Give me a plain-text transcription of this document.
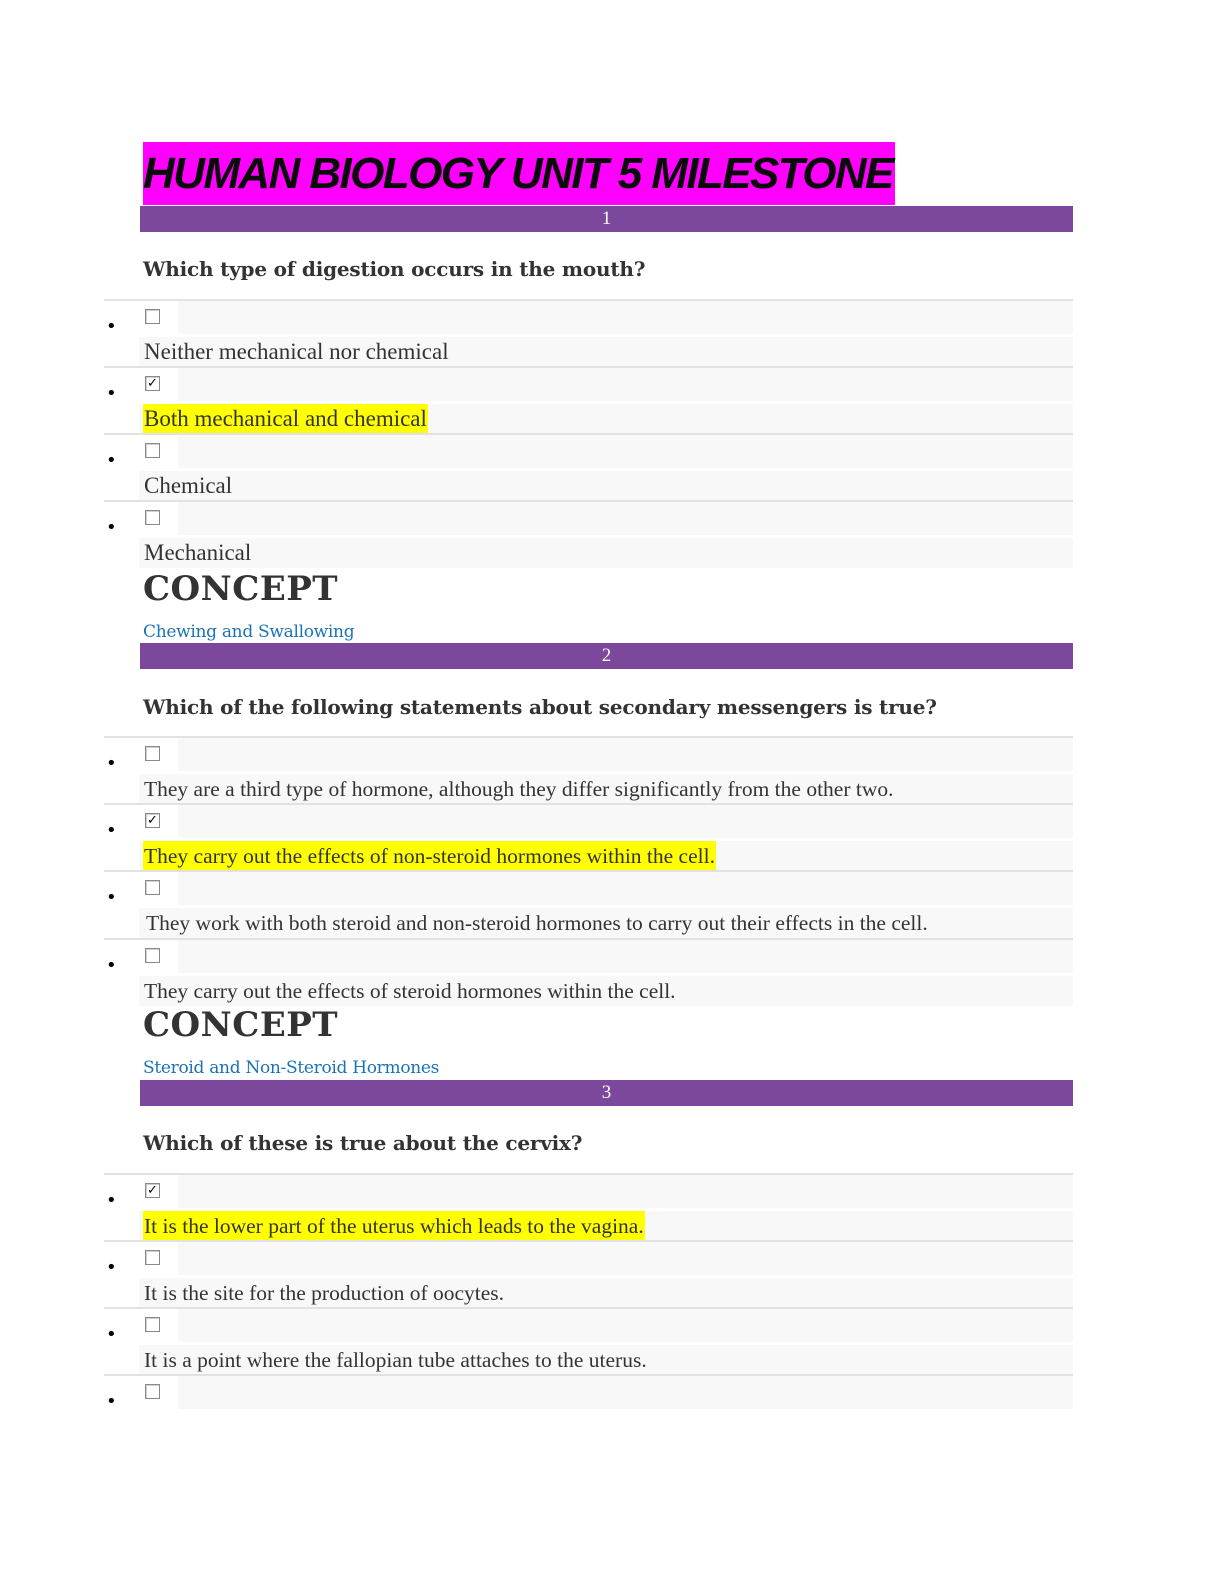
HUMAN BIOLOGY UNIT 5 MILESTONE
1
Which type of digestion occurs in the mouth?
•
Neither mechanical nor chemical
•	✓
Both mechanical and chemical
•
Chemical
•
Mechanical
CONCEPT
Chewing and Swallowing
2
Which of the following statements about secondary messengers is true?
•
They are a third type of hormone, although they differ significantly from the other two.
•	✓
They carry out the effects of non-steroid hormones within the cell.
•
They work with both steroid and non-steroid hormones to carry out their effects in the cell.
•
They carry out the effects of steroid hormones within the cell.
CONCEPT
Steroid and Non-Steroid Hormones
3
Which of these is true about the cervix?
•	✓
It is the lower part of the uterus which leads to the vagina.
•
It is the site for the production of oocytes.
•
It is a point where the fallopian tube attaches to the uterus.
•
